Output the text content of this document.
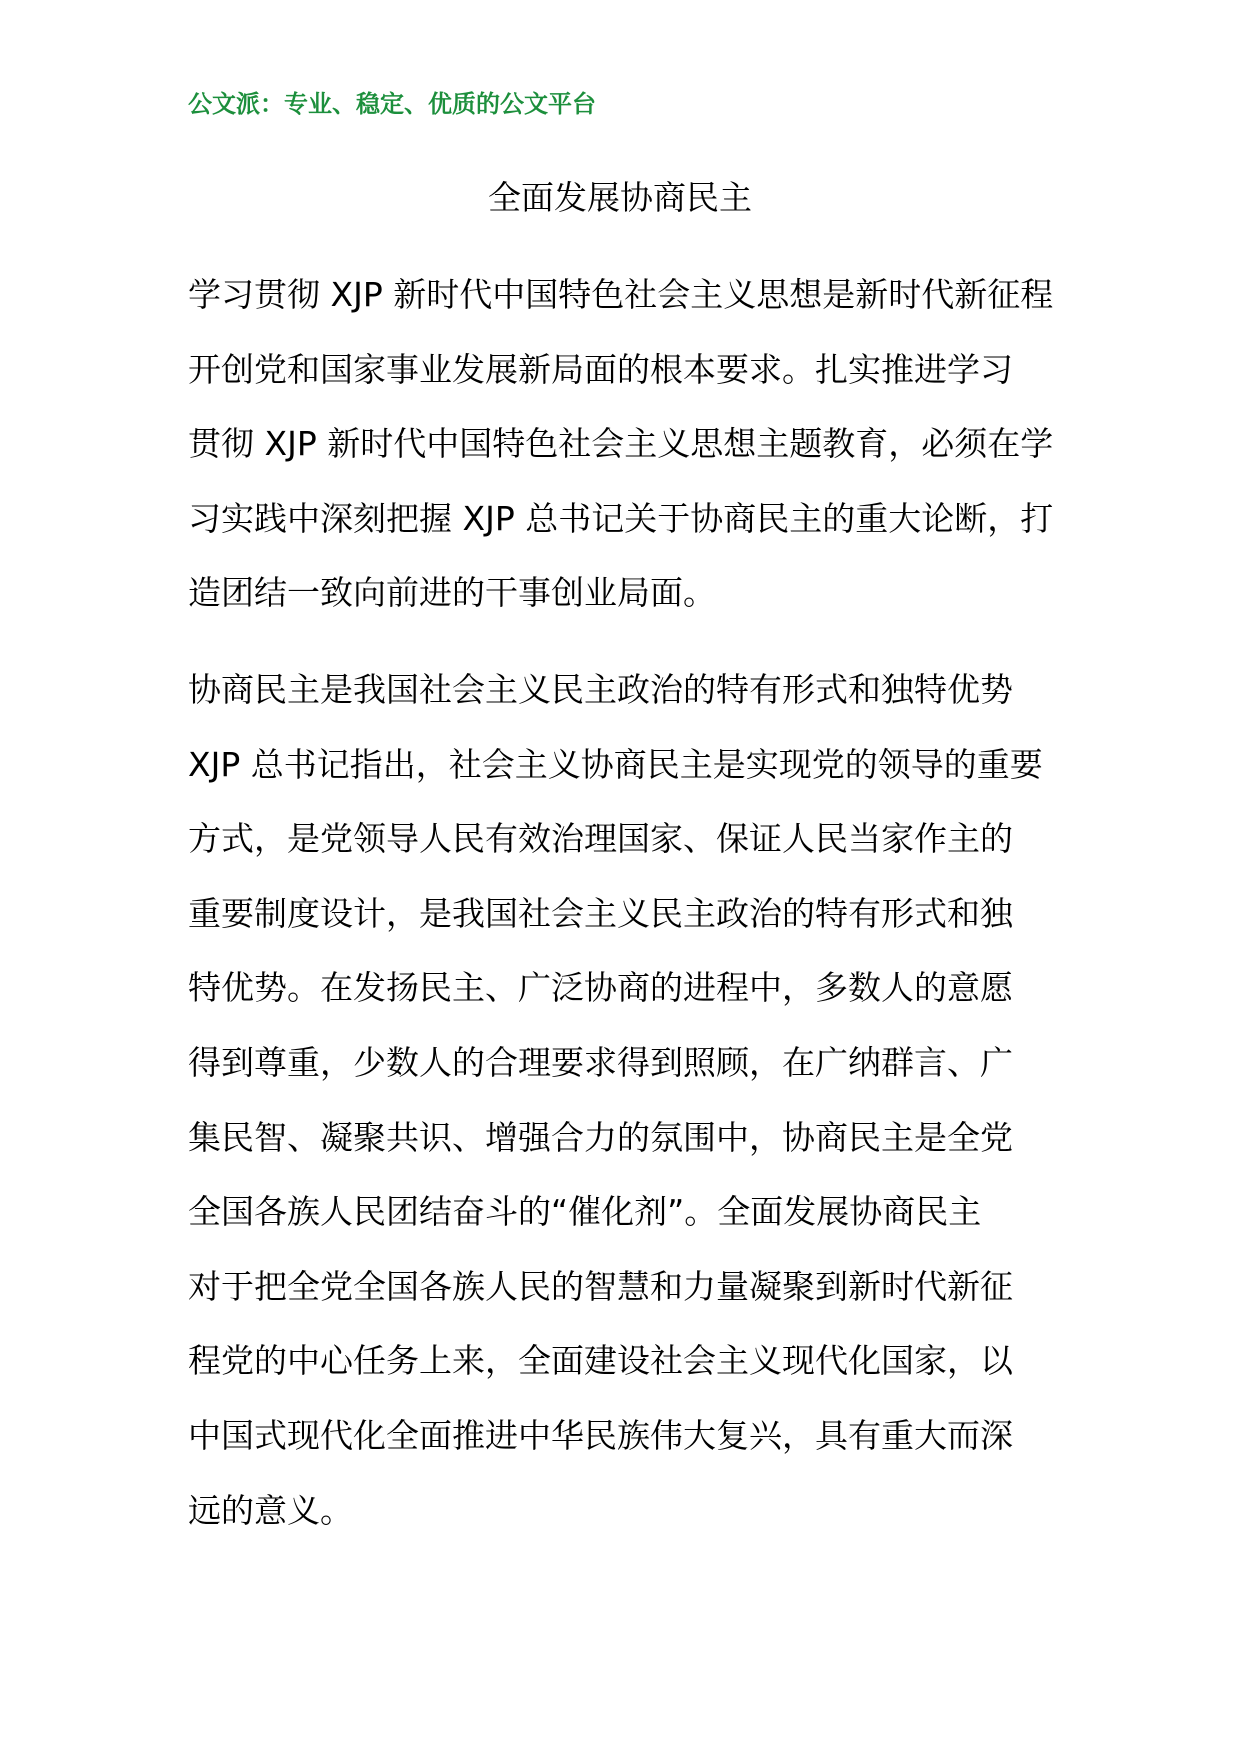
公文派：专业、稳定、优质的公文平台
全面发展协商民主

学习贯彻 XJP 新时代中国特色社会主义思想是新时代新征程
开创党和国家事业发展新局面的根本要求。扎实推进学习
贯彻 XJP 新时代中国特色社会主义思想主题教育，必须在学
习实践中深刻把握 XJP 总书记关于协商民主的重大论断，打
造团结一致向前进的干事创业局面。

协商民主是我国社会主义民主政治的特有形式和独特优势
XJP 总书记指出，社会主义协商民主是实现党的领导的重要
方式，是党领导人民有效治理国家、保证人民当家作主的
重要制度设计，是我国社会主义民主政治的特有形式和独
特优势。在发扬民主、广泛协商的进程中，多数人的意愿
得到尊重，少数人的合理要求得到照顾，在广纳群言、广
集民智、凝聚共识、增强合力的氛围中，协商民主是全党
全国各族人民团结奋斗的“催化剂”。全面发展协商民主
对于把全党全国各族人民的智慧和力量凝聚到新时代新征
程党的中心任务上来，全面建设社会主义现代化国家，以
中国式现代化全面推进中华民族伟大复兴，具有重大而深
远的意义。
